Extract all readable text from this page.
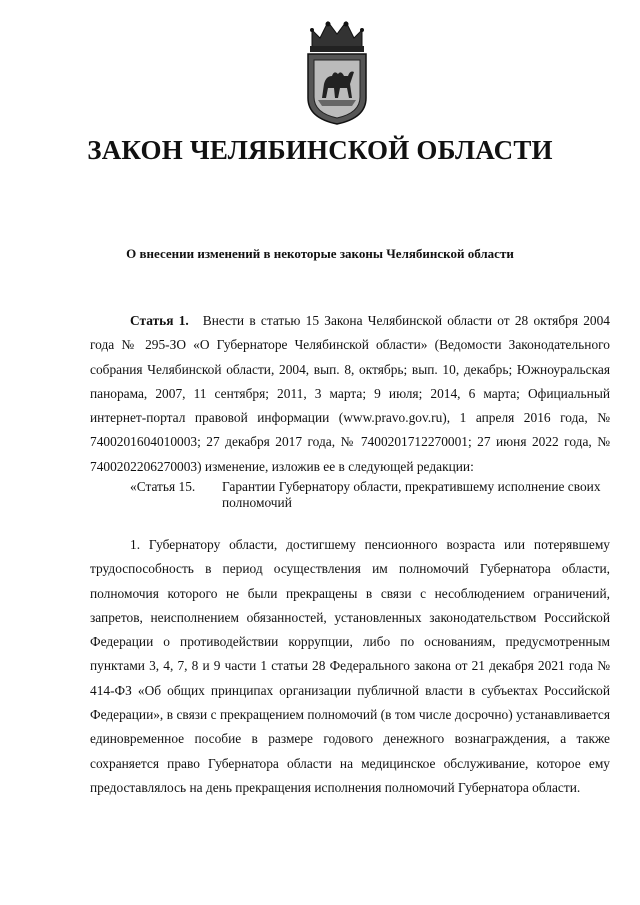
ЗАКОН ЧЕЛЯБИНСКОЙ ОБЛАСТИ
О внесении изменений в некоторые законы Челябинской области

Статья 1. Внести в статью 15 Закона Челябинской области от 28 октября 2004 года № 295-ЗО «О Губернаторе Челябинской области» (Ведомости Законодательного собрания Челябинской области, 2004, вып. 8, октябрь; вып. 10, декабрь; Южноуральская панорама, 2007, 11 сентября; 2011, 3 марта; 9 июля; 2014, 6 марта; Официальный интернет-портал правовой информации (www.pravo.gov.ru), 1 апреля 2016 года, № 7400201604010003; 27 декабря 2017 года, № 7400201712270001; 27 июня 2022 года, № 7400202206270003) изменение, изложив ее в следующей редакции:

«Статья 15.	Гарантии Губернатору области, прекратившему исполнение своих полномочий

1. Губернатору области, достигшему пенсионного возраста или потерявшему трудоспособность в период осуществления им полномочий Губернатора области, полномочия которого не были прекращены в связи с несоблюдением ограничений, запретов, неисполнением обязанностей, установленных законодательством Российской Федерации о противодействии коррупции, либо по основаниям, предусмотренным пунктами 3, 4, 7, 8 и 9 части 1 статьи 28 Федерального закона от 21 декабря 2021 года № 414-ФЗ «Об общих принципах организации публичной власти в субъектах Российской Федерации», в связи с прекращением полномочий (в том числе досрочно) устанавливается единовременное пособие в размере годового денежного вознаграждения, а также сохраняется право Губернатора области на медицинское обслуживание, которое ему предоставлялось на день прекращения исполнения полномочий Губернатора области.
